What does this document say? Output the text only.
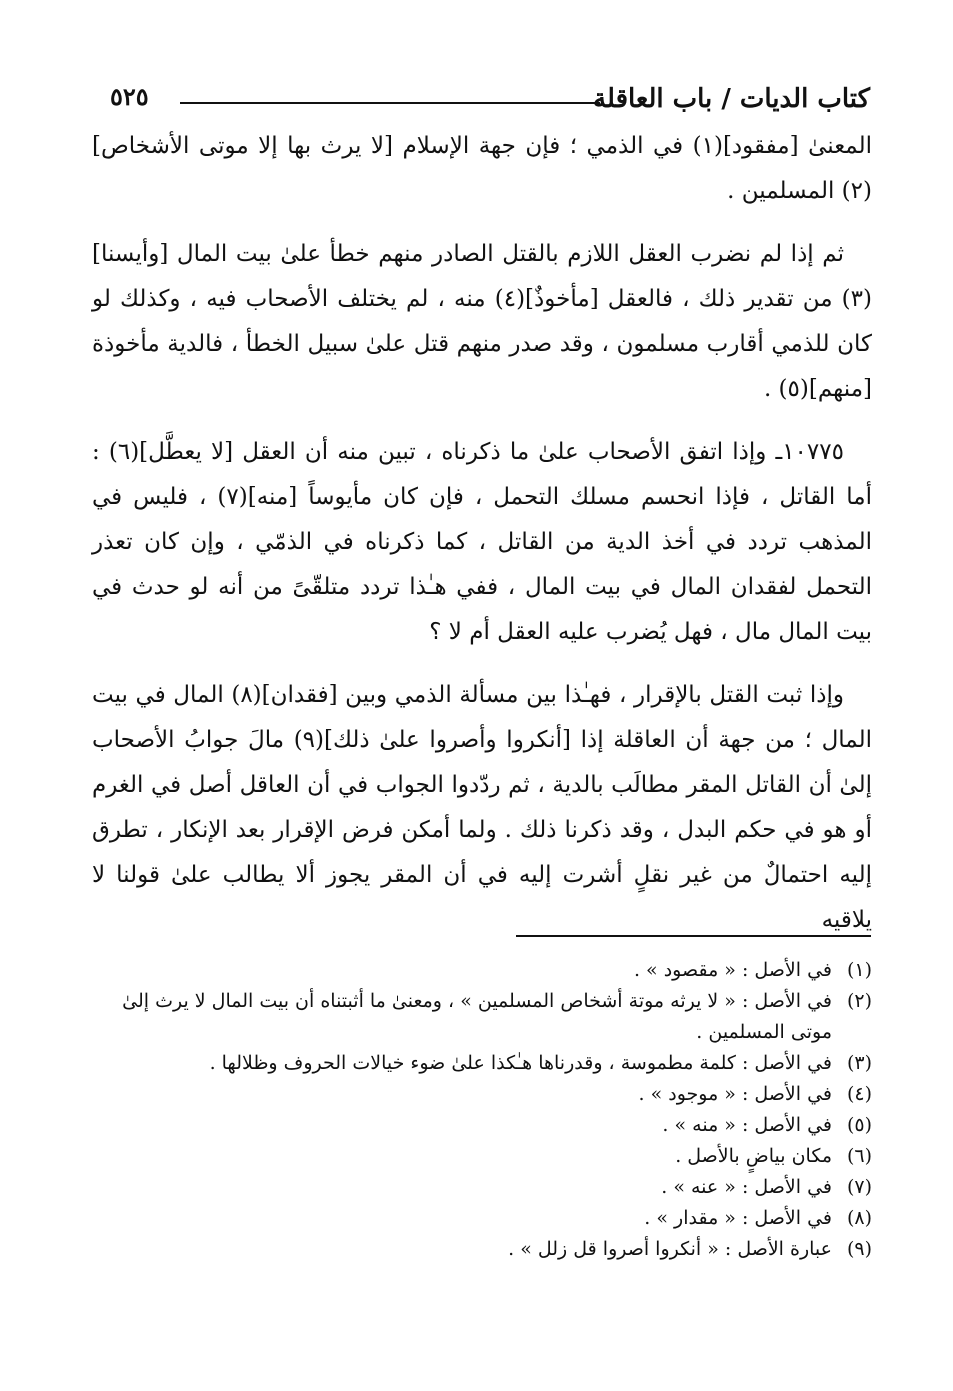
كتاب الديات / باب العاقلة
٥٢٥

المعنىٰ [مفقود](١) في الذمي ؛ فإن جهة الإسلام [لا يرث بها إلا موتى الأشخاص](٢) المسلمين .

ثم إذا لم نضرب العقل اللازم بالقتل الصادر منهم خطأ علىٰ بيت المال [وأيسنا](٣) من تقدير ذلك ، فالعقل [مأخوذٌ](٤) منه ، لم يختلف الأصحاب فيه ، وكذلك لو كان للذمي أقارب مسلمون ، وقد صدر منهم قتل علىٰ سبيل الخطأ ، فالدية مأخوذة [منهم](٥) .

١٠٧٧٥ـ وإذا اتفق الأصحاب علىٰ ما ذكرناه ، تبين منه أن العقل [لا يعطَّل](٦) : أما القاتل ، فإذا انحسم مسلك التحمل ، فإن كان مأيوساً [منه](٧) ، فليس في المذهب تردد في أخذ الدية من القاتل ، كما ذكرناه في الذمّي ، وإن كان تعذر التحمل لفقدان المال في بيت المال ، ففي هـٰذا تردد متلقّىً من أنه لو حدث في بيت المال مال ، فهل يُضرب عليه العقل أم لا ؟

وإذا ثبت القتل بالإقرار ، فهـٰذا بين مسألة الذمي وبين [فقدان](٨) المال في بيت المال ؛ من جهة أن العاقلة إذا [أنكروا وأصروا علىٰ ذلك](٩) مالَ جوابُ الأصحاب إلىٰ أن القاتل المقر مطالَب بالدية ، ثم ردّدوا الجواب في أن العاقل أصل في الغرم أو هو في حكم البدل ، وقد ذكرنا ذلك . ولما أمكن فرض الإقرار بعد الإنكار ، تطرق إليه احتمالٌ من غير نقلٍ أشرت إليه في أن المقر يجوز ألا يطالب علىٰ قولنا لا يلاقيه

(١)
في الأصل : « مقصود » .
(٢)
في الأصل : « لا يرثه موتة أشخاص المسلمين » ، ومعنىٰ ما أثبتناه أن بيت المال لا يرث إلىٰ موتى المسلمين .
(٣)
في الأصل : كلمة مطموسة ، وقدرناها هـٰكذا علىٰ ضوء خيالات الحروف وظلالها .
(٤)
في الأصل : « موجود » .
(٥)
في الأصل : « منه » .
(٦)
مكان بياضٍ بالأصل .
(٧)
في الأصل : « عنه » .
(٨)
في الأصل : « مقدار » .
(٩)
عبارة الأصل : « أنكروا أصروا قل زلل » .
